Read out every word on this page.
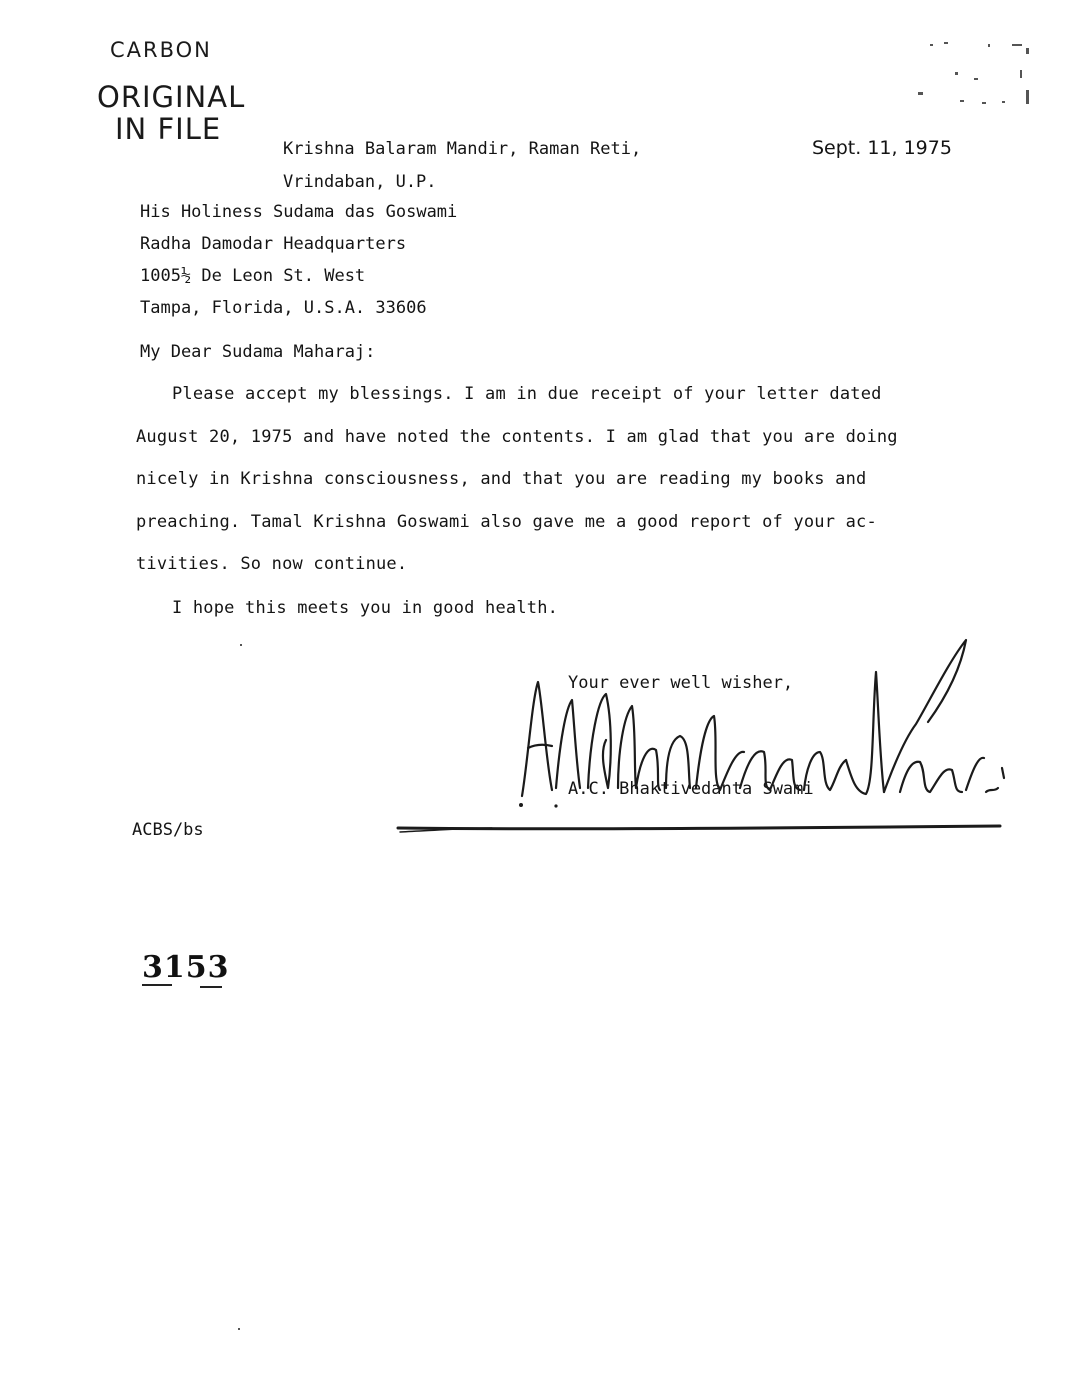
CARBON
ORIGINAL
IN FILE
Krishna Balaram Mandir, Raman Reti,
Vrindaban, U.P.
Sept. 11, 1975
His Holiness Sudama das Goswami
Radha Damodar Headquarters
1005½ De Leon St. West
Tampa, Florida, U.S.A. 33606
My Dear Sudama Maharaj:
Please accept my blessings. I am in due receipt of your letter dated
August 20, 1975 and have noted the contents. I am glad that you are doing
nicely in Krishna consciousness, and that you are reading my books and
preaching. Tamal Krishna Goswami also gave me a good report of your ac-
tivities. So now continue.
I hope this meets you in good health.
Your ever well wisher,
A.C. Bhaktivedanta Swami
ACBS/bs
3153
